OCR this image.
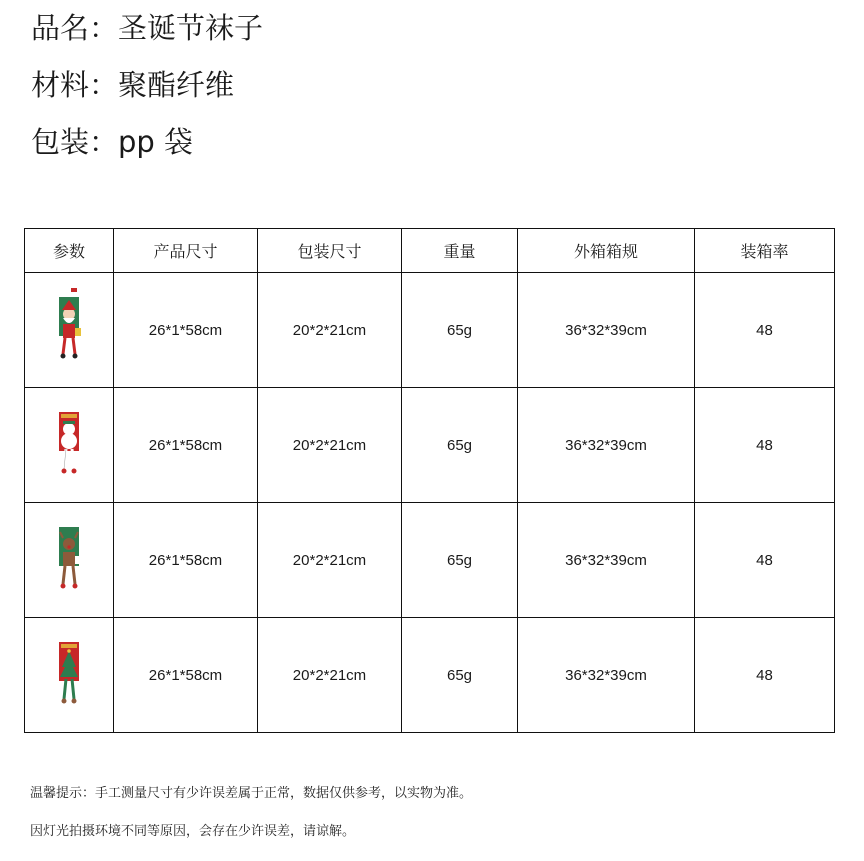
品名：圣诞节袜子
材料：聚酯纤维
包装：pp 袋
参数	产品尺寸	包装尺寸	重量	外箱箱规	装箱率
	26*1*58cm	20*2*21cm	65g	36*32*39cm	48
	26*1*58cm	20*2*21cm	65g	36*32*39cm	48
	26*1*58cm	20*2*21cm	65g	36*32*39cm	48
	26*1*58cm	20*2*21cm	65g	36*32*39cm	48
温馨提示：手工测量尺寸有少许误差属于正常，数据仅供参考，以实物为准。
因灯光拍摄环境不同等原因，会存在少许误差，请谅解。
